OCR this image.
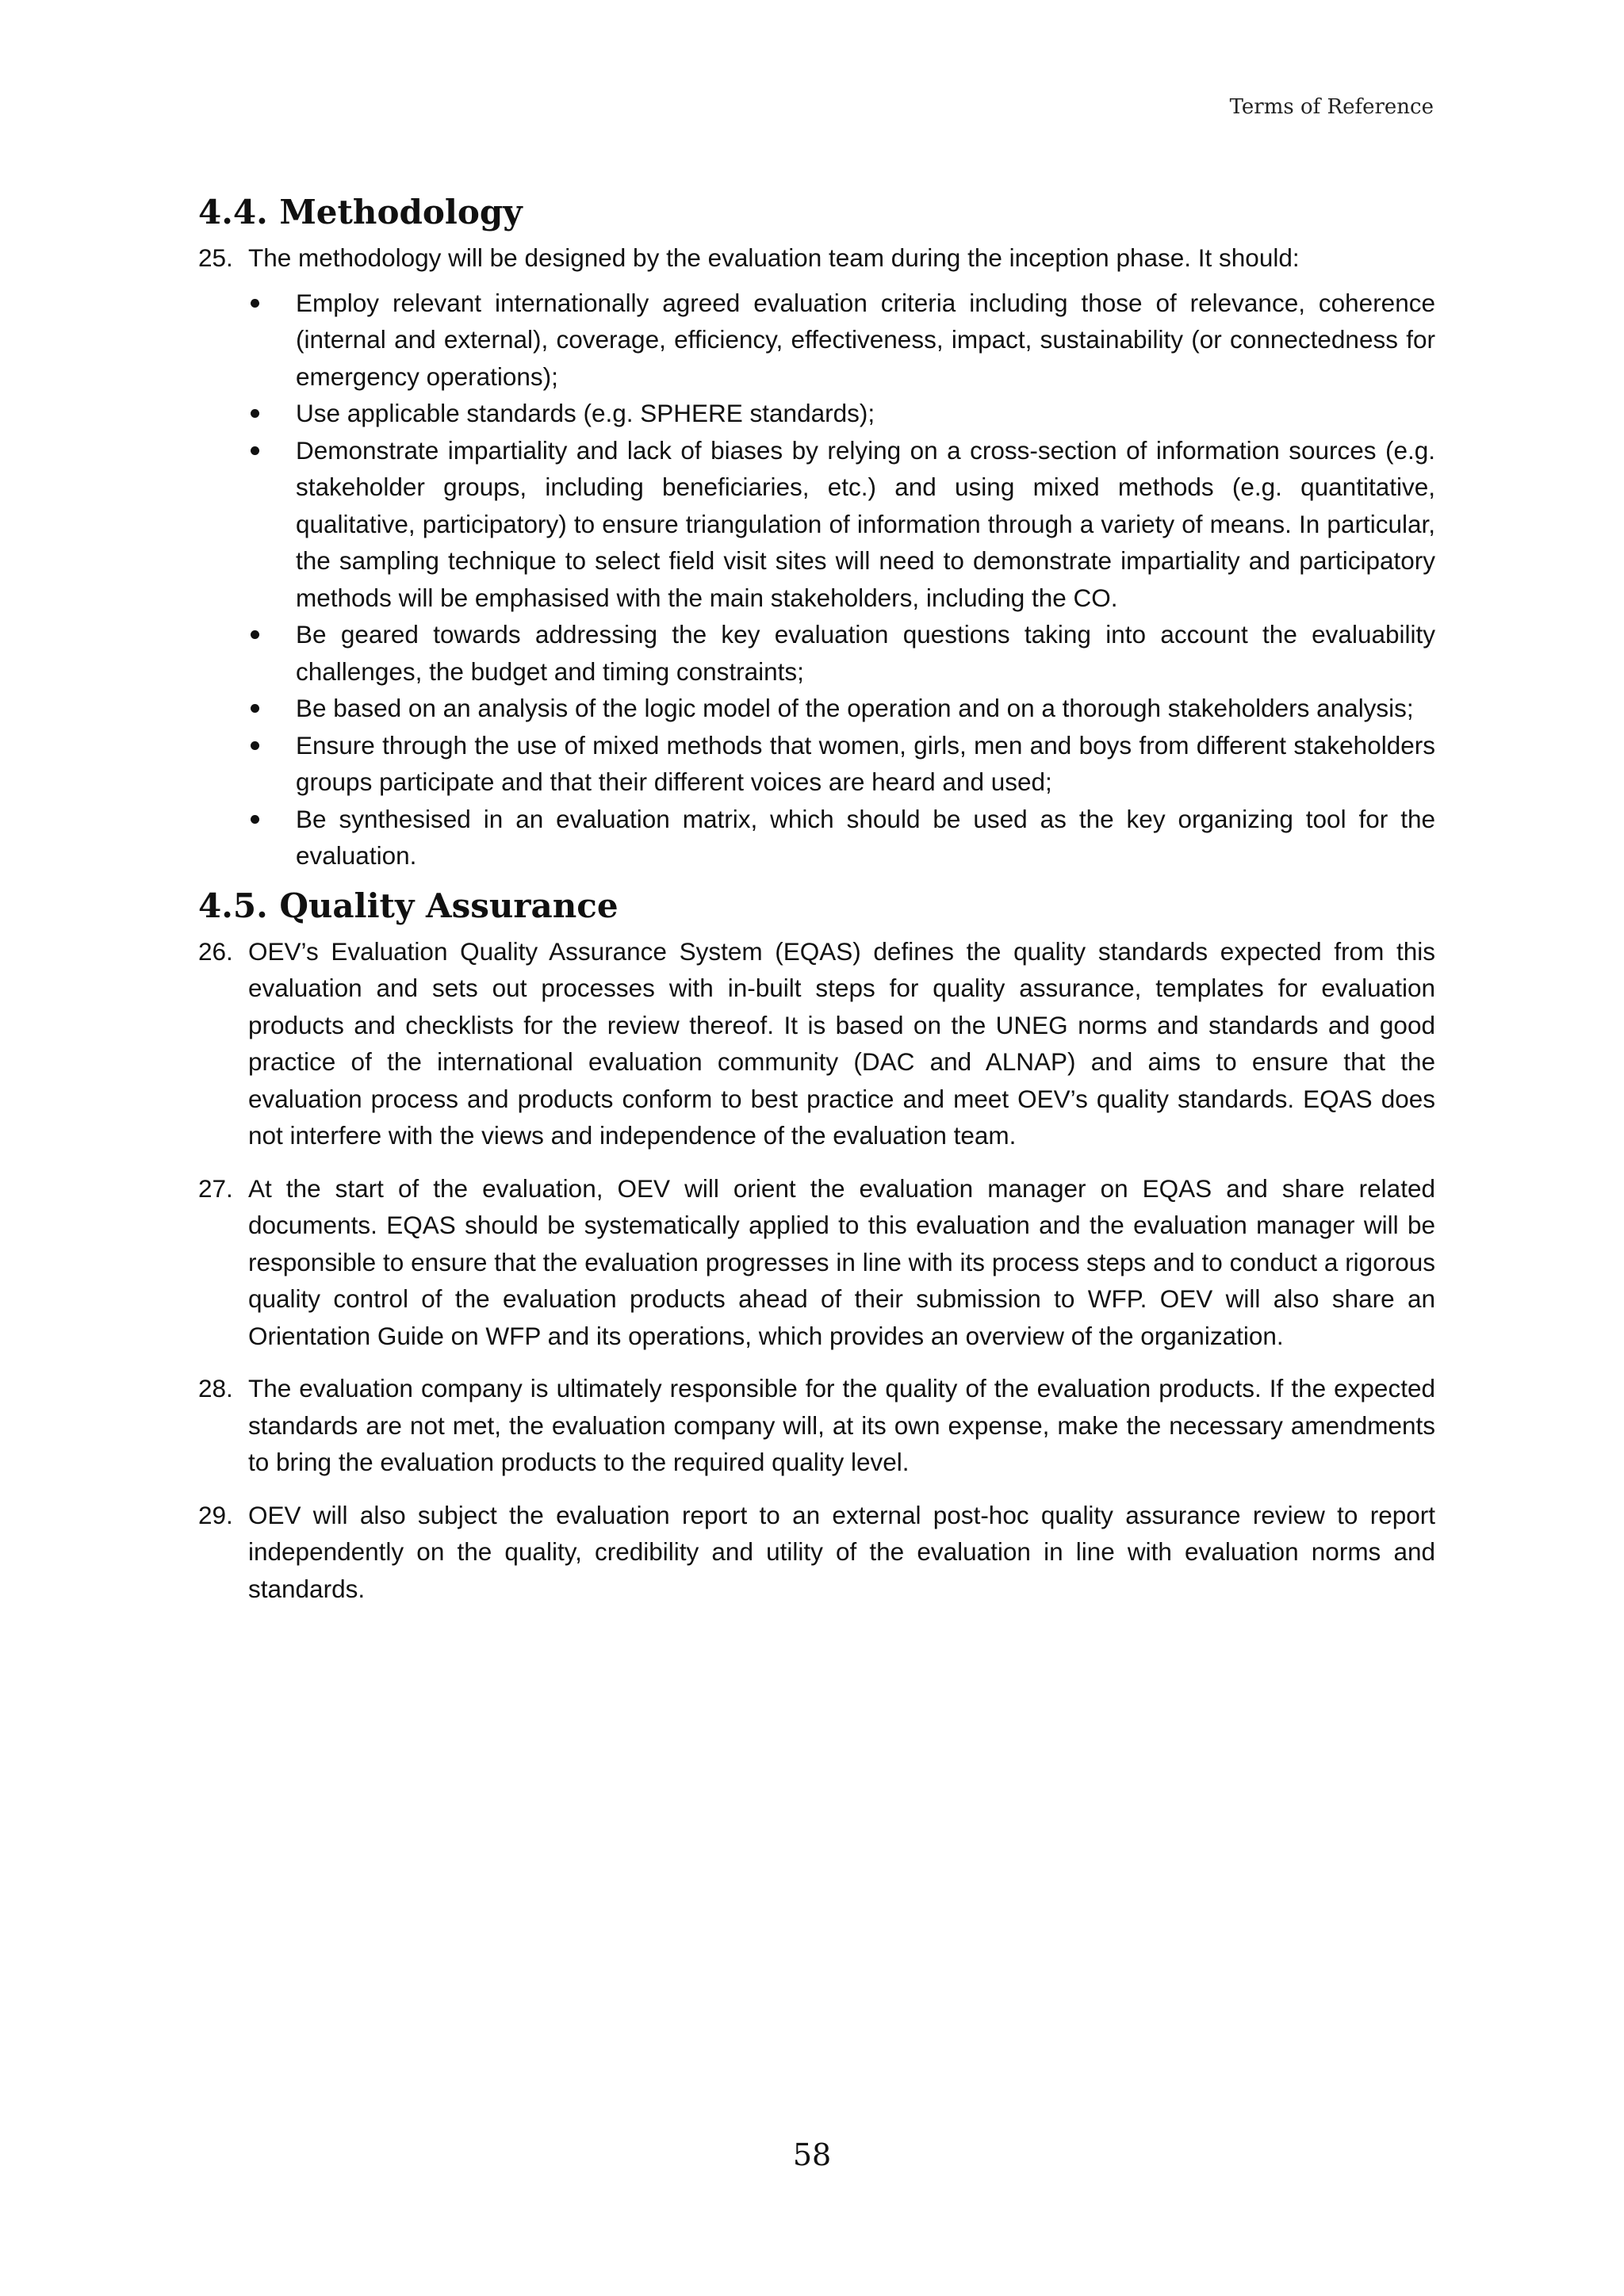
Terms of Reference
4.4. Methodology
25. The methodology will be designed by the evaluation team during the inception phase. It should:
Employ relevant internationally agreed evaluation criteria including those of relevance, coherence (internal and external), coverage, efficiency, effectiveness, impact, sustainability (or connectedness for emergency operations);
Use applicable standards (e.g. SPHERE standards);
Demonstrate impartiality and lack of biases by relying on a cross-section of information sources (e.g. stakeholder groups, including beneficiaries, etc.) and using mixed methods (e.g. quantitative, qualitative, participatory) to ensure triangulation of information through a variety of means. In particular, the sampling technique to select field visit sites will need to demonstrate impartiality and participatory methods will be emphasised with the main stakeholders, including the CO.
Be geared towards addressing the key evaluation questions taking into account the evaluability challenges, the budget and timing constraints;
Be based on an analysis of the logic model of the operation and on a thorough stakeholders analysis;
Ensure through the use of mixed methods that women, girls, men and boys from different stakeholders groups participate and that their different voices are heard and used;
Be synthesised in an evaluation matrix, which should be used as the key organizing tool for the evaluation.
4.5. Quality Assurance
26. OEV’s Evaluation Quality Assurance System (EQAS) defines the quality standards expected from this evaluation and sets out processes with in-built steps for quality assurance, templates for evaluation products and checklists for the review thereof. It is based on the UNEG norms and standards and good practice of the international evaluation community (DAC and ALNAP) and aims to ensure that the evaluation process and products conform to best practice and meet OEV’s quality standards. EQAS does not interfere with the views and independence of the evaluation team.
27. At the start of the evaluation, OEV will orient the evaluation manager on EQAS and share related documents. EQAS should be systematically applied to this evaluation and the evaluation manager will be responsible to ensure that the evaluation progresses in line with its process steps and to conduct a rigorous quality control of the evaluation products ahead of their submission to WFP. OEV will also share an Orientation Guide on WFP and its operations, which provides an overview of the organization.
28. The evaluation company is ultimately responsible for the quality of the evaluation products. If the expected standards are not met, the evaluation company will, at its own expense, make the necessary amendments to bring the evaluation products to the required quality level.
29. OEV will also subject the evaluation report to an external post-hoc quality assurance review to report independently on the quality, credibility and utility of the evaluation in line with evaluation norms and standards.
58
